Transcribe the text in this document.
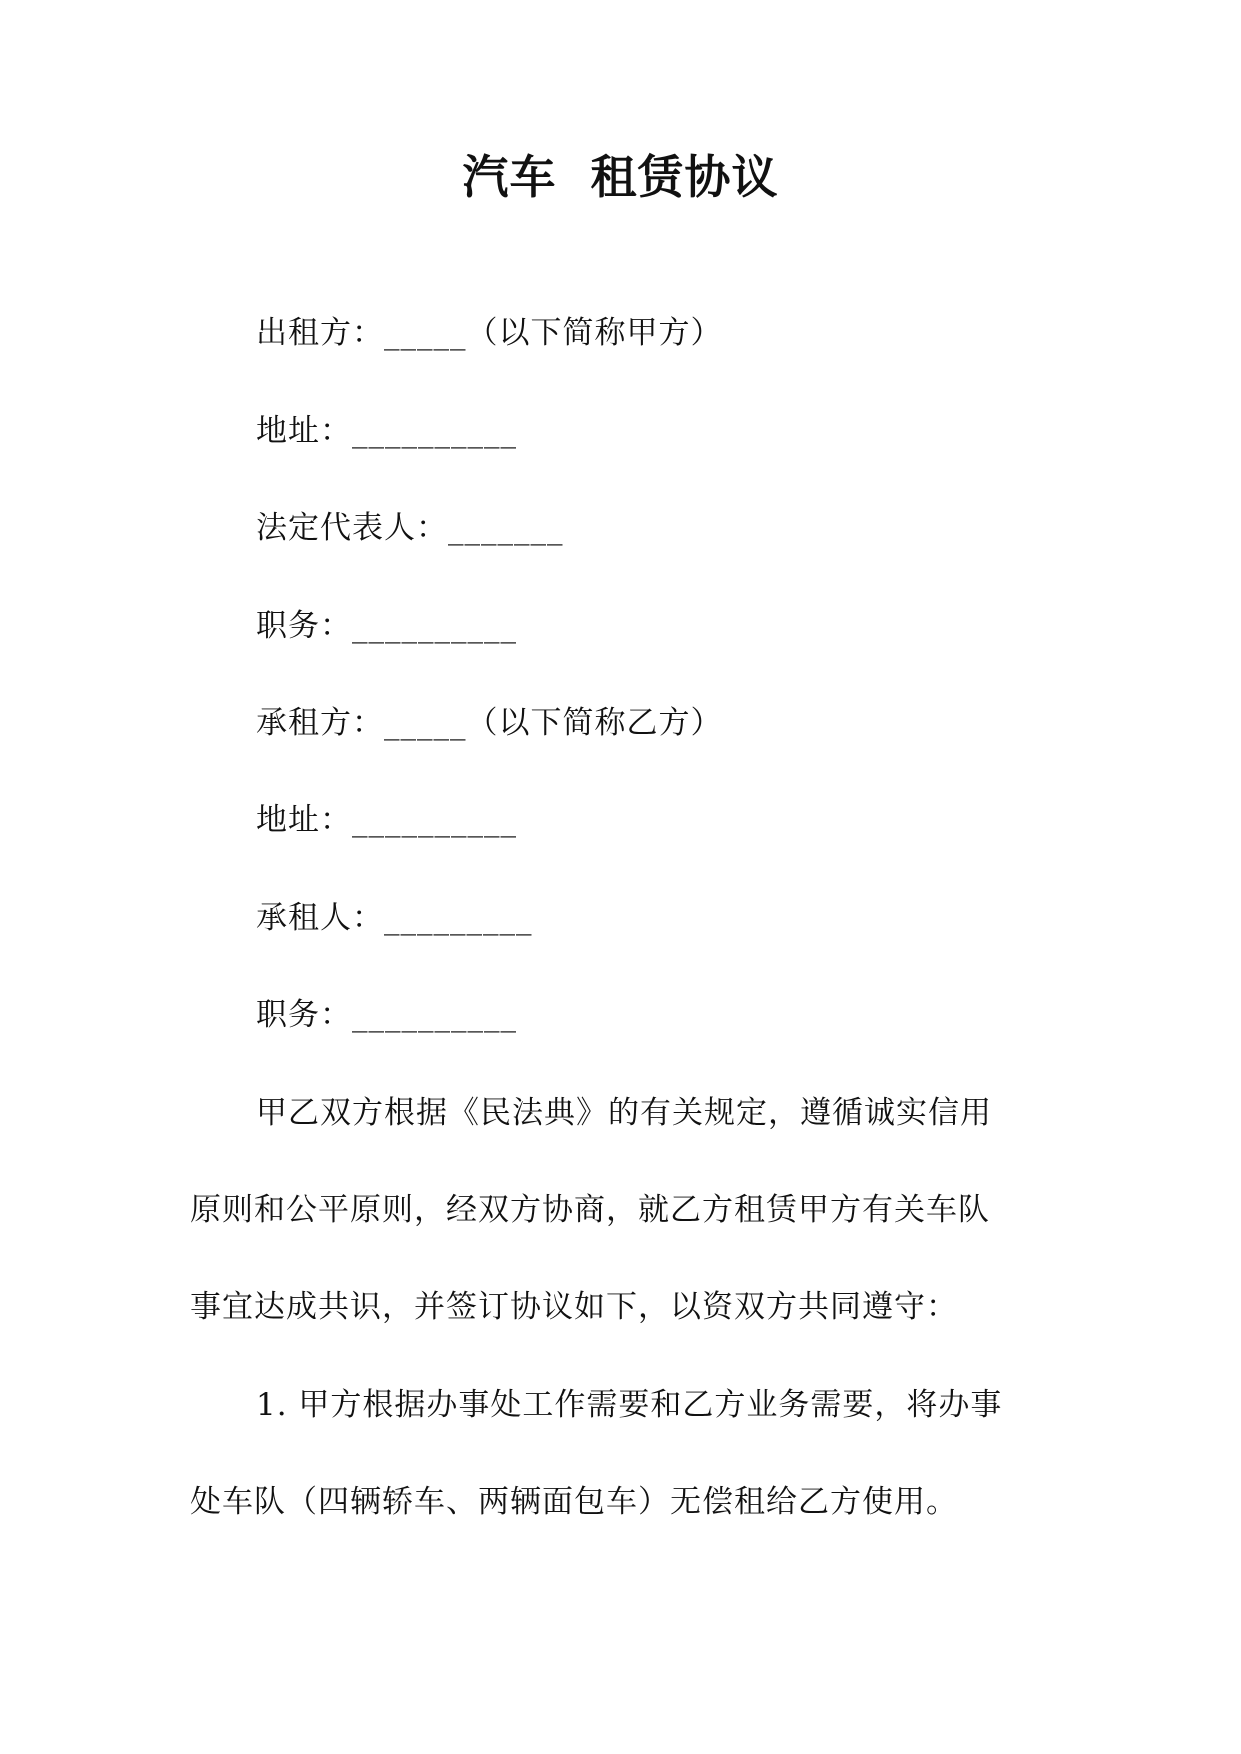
汽车  租赁协议
出租方：_____（以下简称甲方）
地址：__________
法定代表人：_______
职务：__________
承租方：_____（以下简称乙方）
地址：__________
承租人：_________
职务：__________
甲乙双方根据《民法典》的有关规定，遵循诚实信用
原则和公平原则，经双方协商，就乙方租赁甲方有关车队
事宜达成共识，并签订协议如下，以资双方共同遵守：
1. 甲方根据办事处工作需要和乙方业务需要，将办事
处车队（四辆轿车、两辆面包车）无偿租给乙方使用。
